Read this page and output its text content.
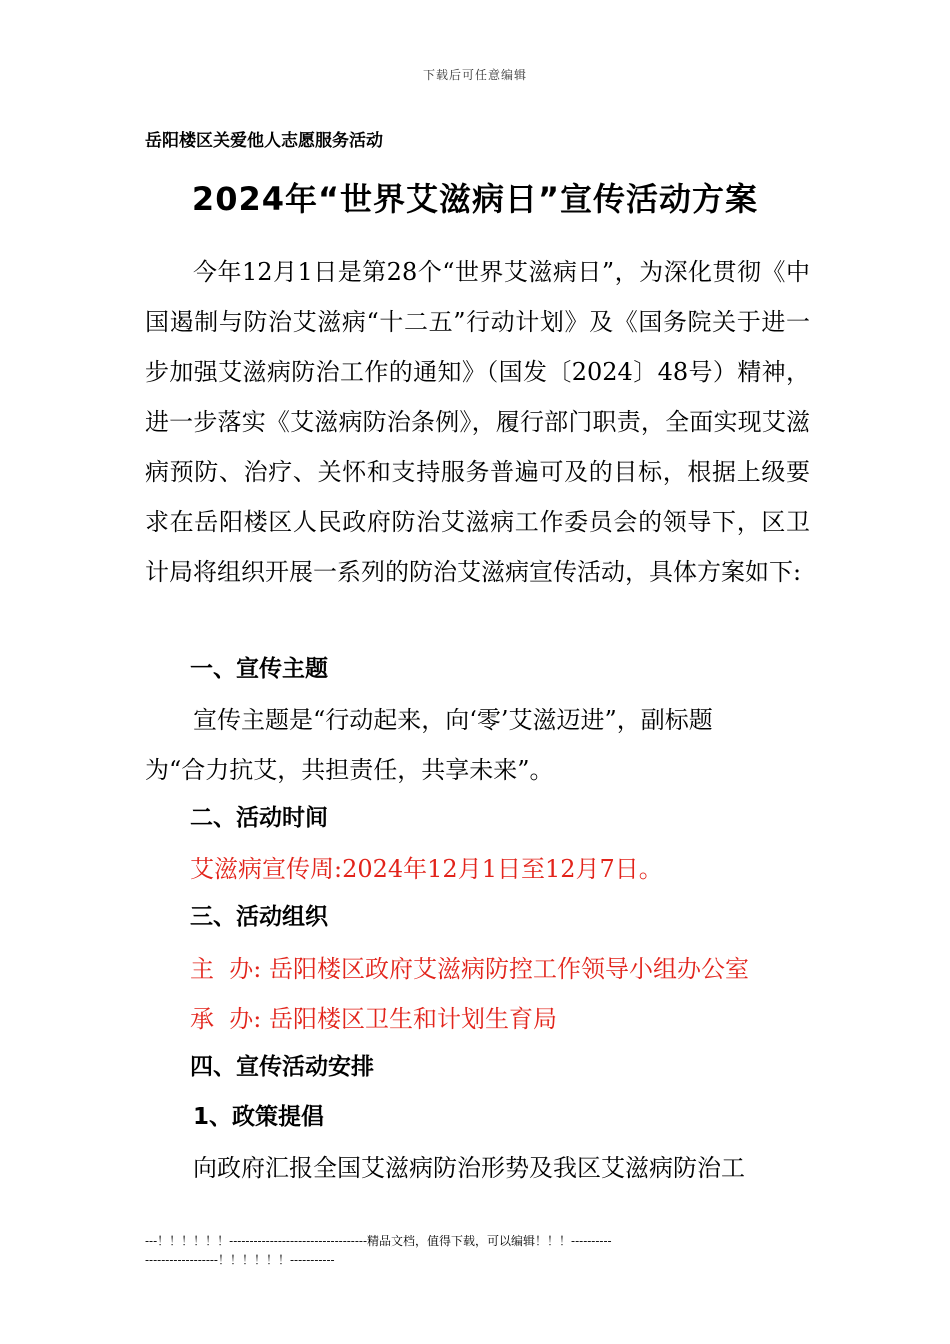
下载后可任意编辑
岳阳楼区关爱他人志愿服务活动
2024年“世界艾滋病日”宣传活动方案

今年12月1日是第28个“世界艾滋病日”，为深化贯彻《中国遏制与防治艾滋病“十二五”行动计划》及《国务院关于进一步加强艾滋病防治工作的通知》（国发〔2024〕48号）精神，进一步落实《艾滋病防治条例》，履行部门职责，全面实现艾滋病预防、治疗、关怀和支持服务普遍可及的目标，根据上级要求在岳阳楼区人民政府防治艾滋病工作委员会的领导下，区卫计局将组织开展一系列的防治艾滋病宣传活动，具体方案如下:

一、宣传主题
宣传主题是“行动起来，向‘零’艾滋迈进”，副标题
为“合力抗艾，共担责任，共享未来”。
二、活动时间
艾滋病宣传周:2024年12月1日至12月7日。
三、活动组织
主  办: 岳阳楼区政府艾滋病防控工作领导小组办公室
承  办: 岳阳楼区卫生和计划生育局
四、宣传活动安排
1、政策提倡
向政府汇报全国艾滋病防治形势及我区艾滋病防治工
---！！！！！！----------------------------------精品文档，值得下载，可以编辑！！！----------------------------！！！！！！-----------
